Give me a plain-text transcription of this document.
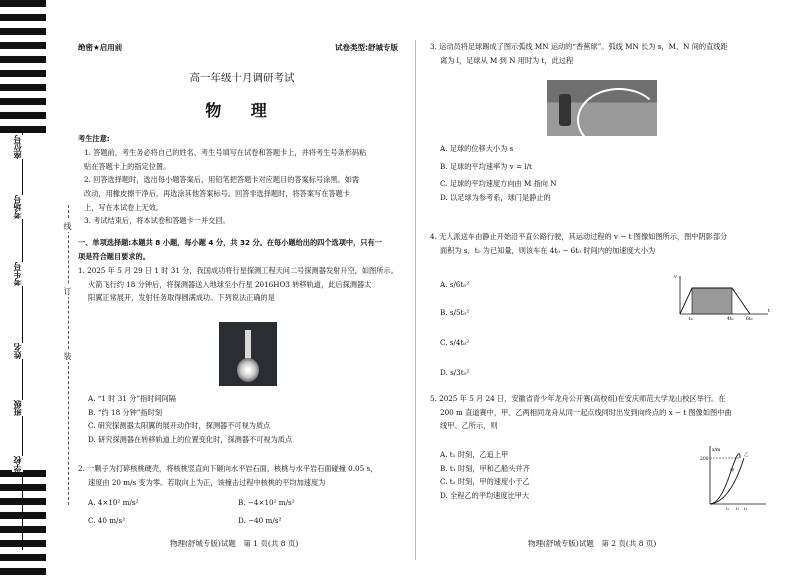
座位号
考场号
考生号
姓名
班级
学校
线
订
装
绝密★启用前	试卷类型:舒城专版
高一年级十月调研考试
物 理
考生注意:
1. 答题前，考生务必将自己的姓名、考生号填写在试卷和答题卡上，并将考生号条形码粘
贴在答题卡上的指定位置。
2. 回答选择题时，选出每小题答案后，用铅笔把答题卡对应题目的答案标号涂黑。如需
改动，用橡皮擦干净后，再选涂其他答案标号。回答非选择题时，将答案写在答题卡
上，写在本试卷上无效。
3. 考试结束后，将本试卷和答题卡一并交回。
一、单项选择题:本题共 8 小题，每小题 4 分，共 32 分。在每小题给出的四个选项中，只有一
项是符合题目要求的。
1. 2025 年 5 月 29 日 1 时 31 分，我国成功将行星探测工程天问二号探测器发射升空，如图所示。
火箭飞行约 18 分钟后，将探测器送入地球至小行星 2016HO3 转移轨道，此后探测器太
阳翼正常展开，发射任务取得圆满成功。下列说法正确的是
A. “1 时 31 分”指时间间隔
B. “约 18 分钟”指时刻
C. 研究探测器太阳翼的展开动作时，探测器不可视为质点
D. 研究探测器在转移轨道上的位置变化时，探测器不可视为质点
2. 一颗子为打碎核桃硬壳，将核桃竖直向下砸向水平岩石面，核桃与水平岩石面碰撞 0.05 s，
速度由 20 m/s 变为零。若取向上为正，该撞击过程中核桃的平均加速度为
A. 4×10² m/s²	B. −4×10² m/s²
C. 40 m/s²	D. −40 m/s²
物理(舒城专版)试题　第 1 页(共 8 页)
3. 运动员将足球踢成了图示弧线 MN 运动的“香蕉球”。弧线 MN 长为 s，M、N 间的直线距
离为 l，足球从 M 到 N 用时为 t，此过程
A. 足球的位移大小为 s
B. 足球的平均速率为 v = l/t
C. 足球的平均速度方向由 M 指向 N
D. 以足球为参考系，球门是静止的
4. 无人派送车由静止开始沿平直公路行驶，其运动过程的 v − t 图像如图所示，图中阴影部分
面积为 s，t₀ 为已知量，则该车在 4t₀ − 6t₀ 时间内的加速度大小为
A. s/6t₀²
B. s/5t₀²
C. s/4t₀²
D. s/3t₀²
t
v
t₀	4t₀	6t₀
5. 2025 年 5 月 24 日，安徽省青少年龙舟公开赛(高校组)在安庆师范大学龙山校区举行。在
200 m 直道赛中，甲、乙两相同龙舟从同一起点线同时出发到向终点的 x − t 图像如图中曲
线甲、乙所示，则
A. t₁ 时刻，乙追上甲
B. t₁ 时刻，甲和乙船头并齐
C. t₂ 时刻，甲的速度小于乙
D. 全程乙的平均速度比甲大
x/m
200
甲
乙
t₁ t₂ t₃
物理(舒城专版)试题　第 2 页(共 8 页)
